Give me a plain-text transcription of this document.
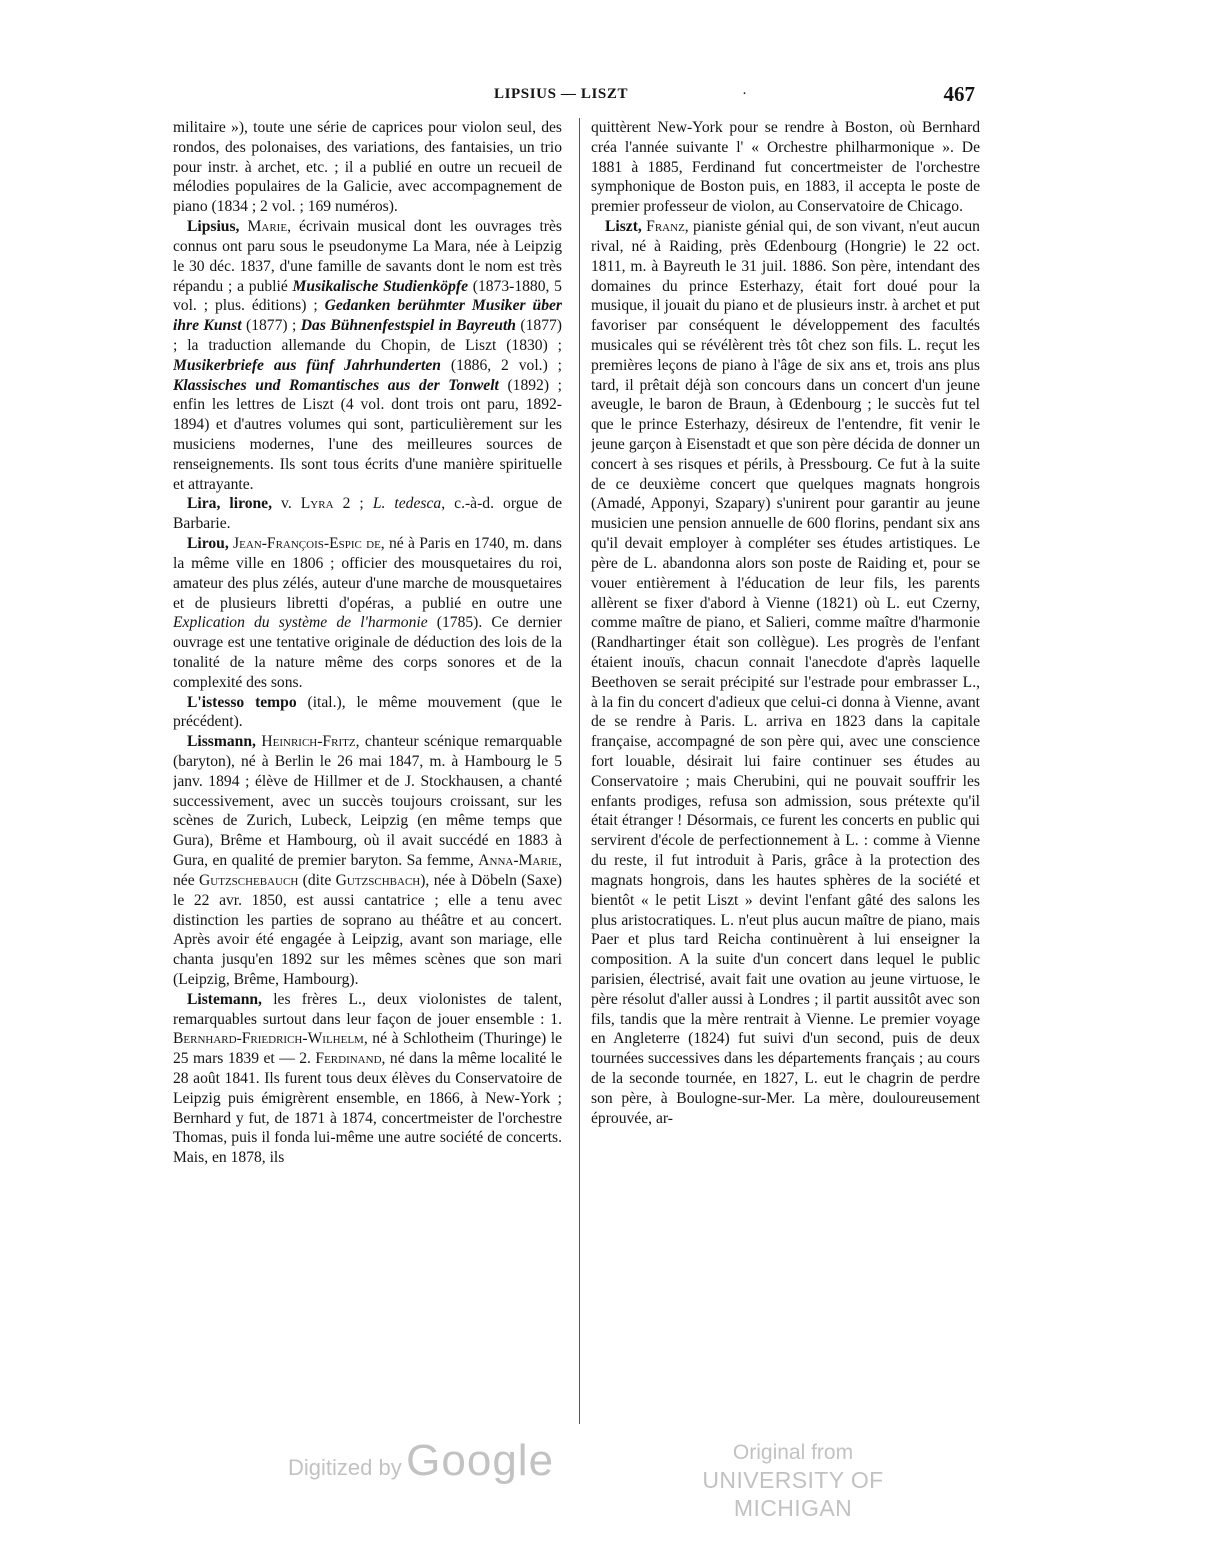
LIPSIUS — LISZT	·	467

militaire »), toute une série de caprices pour violon seul, des rondos, des polonaises, des variations, des fantaisies, un trio pour instr. à archet, etc. ; il a publié en outre un recueil de mélodies populaires de la Galicie, avec accompagnement de piano (1834 ; 2 vol. ; 169 numéros).

Lipsius, Marie, écrivain musical dont les ouvrages très connus ont paru sous le pseudonyme La Mara, née à Leipzig le 30 déc. 1837, d'une famille de savants dont le nom est très répandu ; a publié Musikalische Studienköpfe (1873-1880, 5 vol. ; plus. éditions) ; Gedanken berühmter Musiker über ihre Kunst (1877) ; Das Bühnenfestspiel in Bayreuth (1877) ; la traduction allemande du Chopin, de Liszt (1830) ; Musikerbriefe aus fünf Jahrhunderten (1886, 2 vol.) ; Klassisches und Romantisches aus der Tonwelt (1892) ; enfin les lettres de Liszt (4 vol. dont trois ont paru, 1892-1894) et d'autres volumes qui sont, particulièrement sur les musiciens modernes, l'une des meilleures sources de renseignements. Ils sont tous écrits d'une manière spirituelle et attrayante.

Lira, lirone, v. Lyra 2 ; L. tedesca, c.-à-d. orgue de Barbarie.

Lirou, Jean-François-Espic de, né à Paris en 1740, m. dans la même ville en 1806 ; officier des mousquetaires du roi, amateur des plus zélés, auteur d'une marche de mousquetaires et de plusieurs libretti d'opéras, a publié en outre une Explication du système de l'harmonie (1785). Ce dernier ouvrage est une tentative originale de déduction des lois de la tonalité de la nature même des corps sonores et de la complexité des sons.

L'istesso tempo (ital.), le même mouvement (que le précédent).

Lissmann, Heinrich-Fritz, chanteur scénique remarquable (baryton), né à Berlin le 26 mai 1847, m. à Hambourg le 5 janv. 1894 ; élève de Hillmer et de J. Stockhausen, a chanté successivement, avec un succès toujours croissant, sur les scènes de Zurich, Lubeck, Leipzig (en même temps que Gura), Brême et Hambourg, où il avait succédé en 1883 à Gura, en qualité de premier baryton. Sa femme, Anna-Marie, née Gutzschebauch (dite Gutzschbach), née à Döbeln (Saxe) le 22 avr. 1850, est aussi cantatrice ; elle a tenu avec distinction les parties de soprano au théâtre et au concert. Après avoir été engagée à Leipzig, avant son mariage, elle chanta jusqu'en 1892 sur les mêmes scènes que son mari (Leipzig, Brême, Hambourg).

Listemann, les frères L., deux violonistes de talent, remarquables surtout dans leur façon de jouer ensemble : 1. Bernhard-Friedrich-Wilhelm, né à Schlotheim (Thuringe) le 25 mars 1839 et — 2. Ferdinand, né dans la même localité le 28 août 1841. Ils furent tous deux élèves du Conservatoire de Leipzig puis émigrèrent ensemble, en 1866, à New-York ; Bernhard y fut, de 1871 à 1874, concertmeister de l'orchestre Thomas, puis il fonda lui-même une autre société de concerts. Mais, en 1878, ils

quittèrent New-York pour se rendre à Boston, où Bernhard créa l'année suivante l' « Orchestre philharmonique ». De 1881 à 1885, Ferdinand fut concertmeister de l'orchestre symphonique de Boston puis, en 1883, il accepta le poste de premier professeur de violon, au Conservatoire de Chicago.

Liszt, Franz, pianiste génial qui, de son vivant, n'eut aucun rival, né à Raiding, près Œdenbourg (Hongrie) le 22 oct. 1811, m. à Bayreuth le 31 juil. 1886. Son père, intendant des domaines du prince Esterhazy, était fort doué pour la musique, il jouait du piano et de plusieurs instr. à archet et put favoriser par conséquent le développement des facultés musicales qui se révélèrent très tôt chez son fils. L. reçut les premières leçons de piano à l'âge de six ans et, trois ans plus tard, il prêtait déjà son concours dans un concert d'un jeune aveugle, le baron de Braun, à Œdenbourg ; le succès fut tel que le prince Esterhazy, désireux de l'entendre, fit venir le jeune garçon à Eisenstadt et que son père décida de donner un concert à ses risques et périls, à Pressbourg. Ce fut à la suite de ce deuxième concert que quelques magnats hongrois (Amadé, Apponyi, Szapary) s'unirent pour garantir au jeune musicien une pension annuelle de 600 florins, pendant six ans qu'il devait employer à compléter ses études artistiques. Le père de L. abandonna alors son poste de Raiding et, pour se vouer entièrement à l'éducation de leur fils, les parents allèrent se fixer d'abord à Vienne (1821) où L. eut Czerny, comme maître de piano, et Salieri, comme maître d'harmonie (Randhartinger était son collègue). Les progrès de l'enfant étaient inouïs, chacun connait l'anecdote d'après laquelle Beethoven se serait précipité sur l'estrade pour embrasser L., à la fin du concert d'adieux que celui-ci donna à Vienne, avant de se rendre à Paris. L. arriva en 1823 dans la capitale française, accompagné de son père qui, avec une conscience fort louable, désirait lui faire continuer ses études au Conservatoire ; mais Cherubini, qui ne pouvait souffrir les enfants prodiges, refusa son admission, sous prétexte qu'il était étranger ! Désormais, ce furent les concerts en public qui servirent d'école de perfectionnement à L. : comme à Vienne du reste, il fut introduit à Paris, grâce à la protection des magnats hongrois, dans les hautes sphères de la société et bientôt « le petit Liszt » devint l'enfant gâté des salons les plus aristocratiques. L. n'eut plus aucun maître de piano, mais Paer et plus tard Reicha continuèrent à lui enseigner la composition. A la suite d'un concert dans lequel le public parisien, électrisé, avait fait une ovation au jeune virtuose, le père résolut d'aller aussi à Londres ; il partit aussitôt avec son fils, tandis que la mère rentrait à Vienne. Le premier voyage en Angleterre (1824) fut suivi d'un second, puis de deux tournées successives dans les départements français ; au cours de la seconde tournée, en 1827, L. eut le chagrin de perdre son père, à Boulogne-sur-Mer. La mère, douloureusement éprouvée, ar-

Digitized by Google	Original from
UNIVERSITY OF MICHIGAN
